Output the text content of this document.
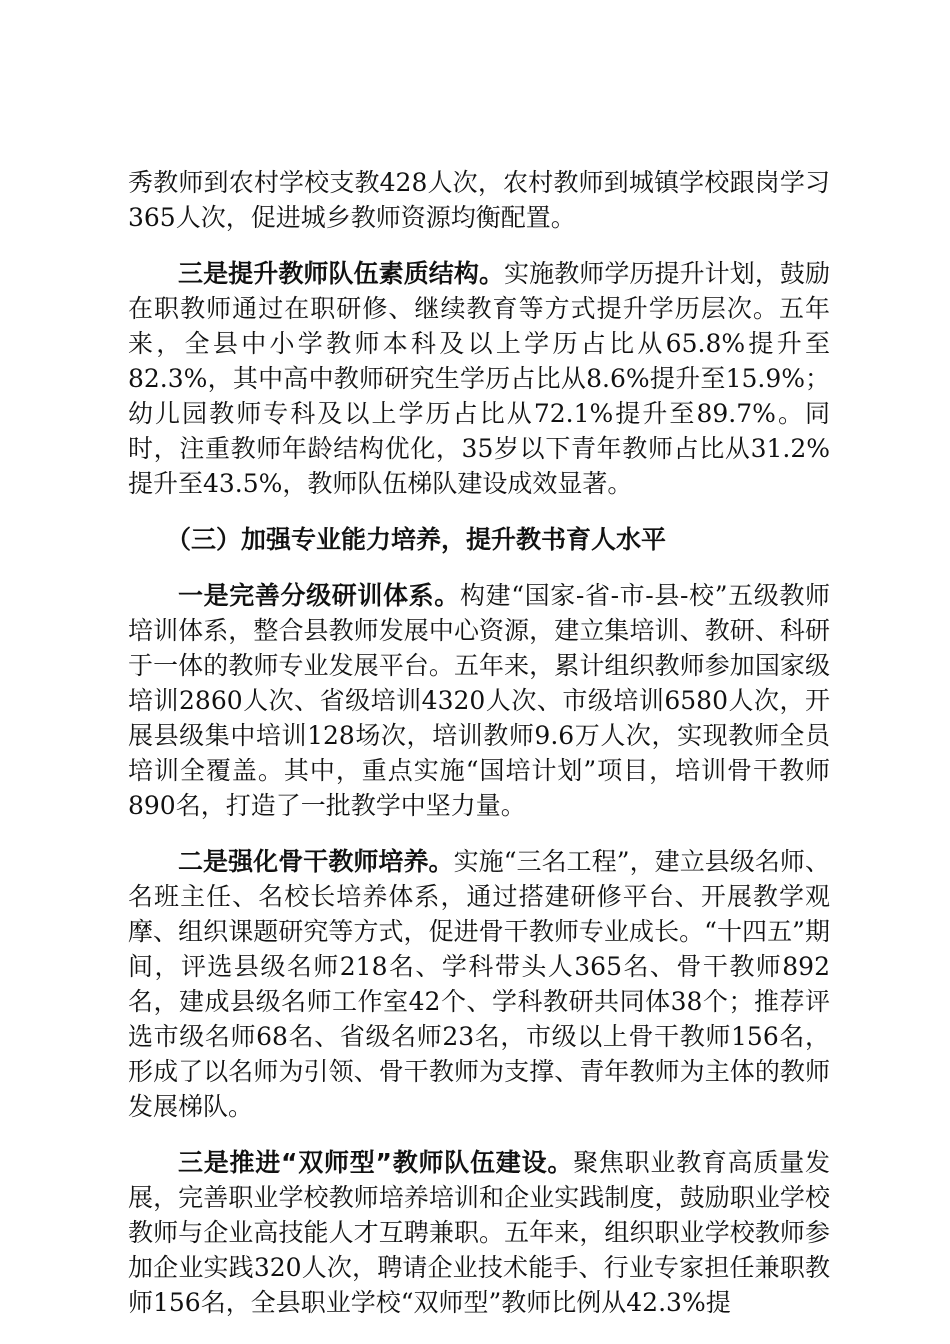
秀教师到农村学校支教428人次，农村教师到城镇学校跟岗学习365人次，促进城乡教师资源均衡配置。

三是提升教师队伍素质结构。实施教师学历提升计划，鼓励在职教师通过在职研修、继续教育等方式提升学历层次。五年来，全县中小学教师本科及以上学历占比从65.8%提升至82.3%，其中高中教师研究生学历占比从8.6%提升至15.9%；幼儿园教师专科及以上学历占比从72.1%提升至89.7%。同时，注重教师年龄结构优化，35岁以下青年教师占比从31.2%提升至43.5%，教师队伍梯队建设成效显著。

（三）加强专业能力培养，提升教书育人水平

一是完善分级研训体系。构建“国家-省-市-县-校”五级教师培训体系，整合县教师发展中心资源，建立集培训、教研、科研于一体的教师专业发展平台。五年来，累计组织教师参加国家级培训2860人次、省级培训4320人次、市级培训6580人次，开展县级集中培训128场次，培训教师9.6万人次，实现教师全员培训全覆盖。其中，重点实施“国培计划”项目，培训骨干教师890名，打造了一批教学中坚力量。

二是强化骨干教师培养。实施“三名工程”，建立县级名师、名班主任、名校长培养体系，通过搭建研修平台、开展教学观摩、组织课题研究等方式，促进骨干教师专业成长。“十四五”期间，评选县级名师218名、学科带头人365名、骨干教师892名，建成县级名师工作室42个、学科教研共同体38个；推荐评选市级名师68名、省级名师23名，市级以上骨干教师156名，形成了以名师为引领、骨干教师为支撑、青年教师为主体的教师发展梯队。

三是推进“双师型”教师队伍建设。聚焦职业教育高质量发展，完善职业学校教师培养培训和企业实践制度，鼓励职业学校教师与企业高技能人才互聘兼职。五年来，组织职业学校教师参加企业实践320人次，聘请企业技术能手、行业专家担任兼职教师156名，全县职业学校“双师型”教师比例从42.3%提
